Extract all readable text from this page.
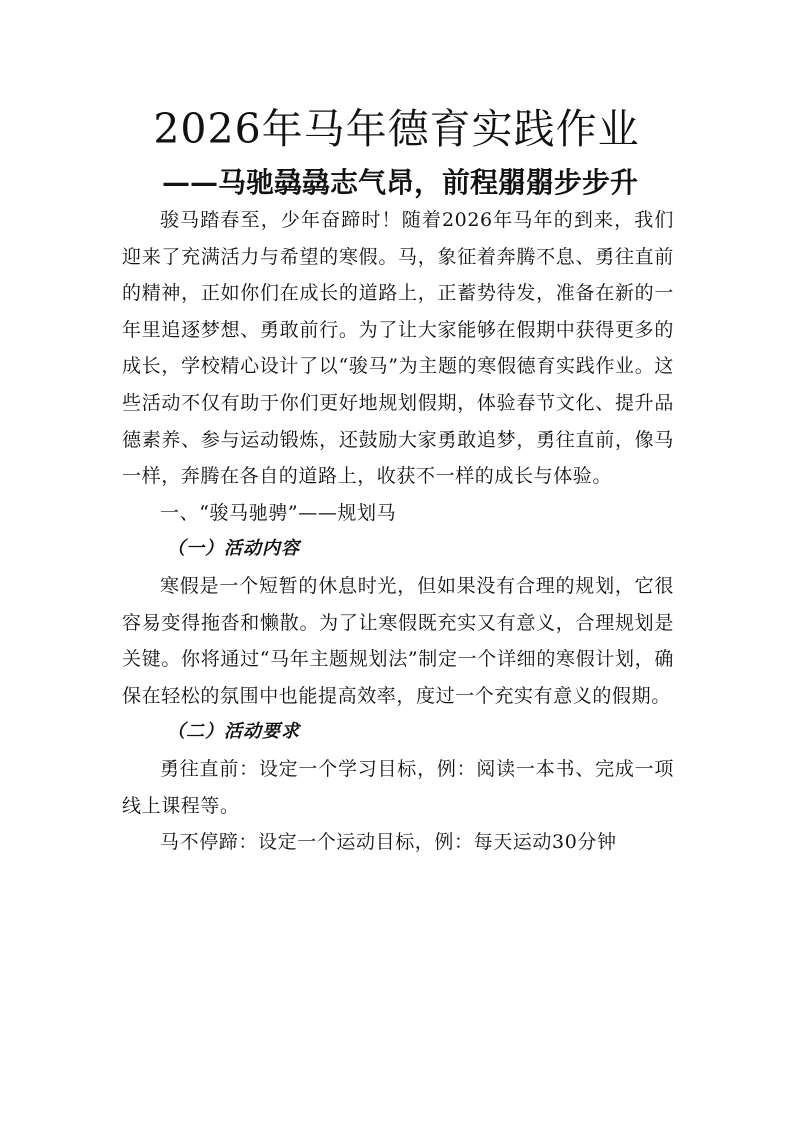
2026年马年德育实践作业
——马驰骉骉志气昂，前程朤朤步步升

骏马踏春至，少年奋蹄时！随着2026年马年的到来，我们迎来了充满活力与希望的寒假。马，象征着奔腾不息、勇往直前的精神，正如你们在成长的道路上，正蓄势待发，准备在新的一年里追逐梦想、勇敢前行。为了让大家能够在假期中获得更多的成长，学校精心设计了以“骏马”为主题的寒假德育实践作业。这些活动不仅有助于你们更好地规划假期，体验春节文化、提升品德素养、参与运动锻炼，还鼓励大家勇敢追梦，勇往直前，像马一样，奔腾在各自的道路上，收获不一样的成长与体验。

一、“骏马驰骋”——规划马

（一）活动内容

寒假是一个短暂的休息时光，但如果没有合理的规划，它很容易变得拖沓和懒散。为了让寒假既充实又有意义，合理规划是关键。你将通过“马年主题规划法”制定一个详细的寒假计划，确保在轻松的氛围中也能提高效率，度过一个充实有意义的假期。

（二）活动要求

勇往直前：设定一个学习目标，例：阅读一本书、完成一项线上课程等。

马不停蹄：设定一个运动目标，例：每天运动30分钟
